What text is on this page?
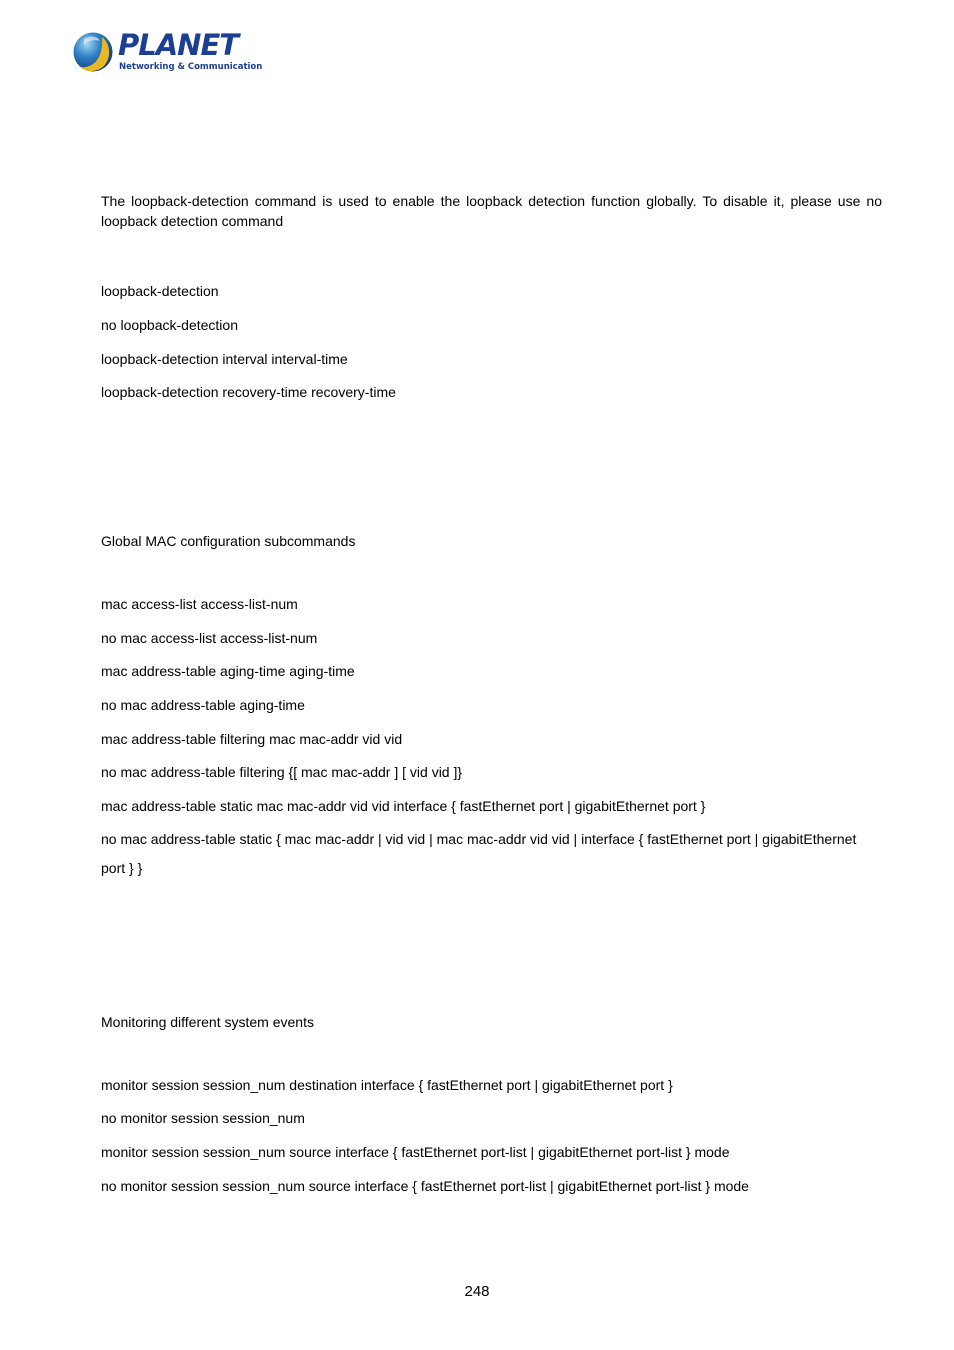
PLANET
Networking & Communication

The loopback-detection command is used to enable the loopback detection function globally. To disable it, please use no loopback detection command

loopback-detection

no loopback-detection

loopback-detection interval interval-time

loopback-detection recovery-time recovery-time

Global MAC configuration subcommands

mac access-list access-list-num

no mac access-list access-list-num

mac address-table aging-time aging-time

no mac address-table aging-time

mac address-table filtering mac mac-addr vid vid

no mac address-table filtering {[ mac mac-addr ] [ vid vid ]}

mac address-table static mac mac-addr vid vid interface { fastEthernet port | gigabitEthernet port }

no mac address-table static { mac mac-addr | vid vid | mac mac-addr vid vid | interface { fastEthernet port | gigabitEthernet

port } }

Monitoring different system events

monitor session session_num destination interface { fastEthernet port | gigabitEthernet port }

no monitor session session_num

monitor session session_num source interface { fastEthernet port-list | gigabitEthernet port-list } mode

no monitor session session_num source interface { fastEthernet port-list | gigabitEthernet port-list } mode

248
